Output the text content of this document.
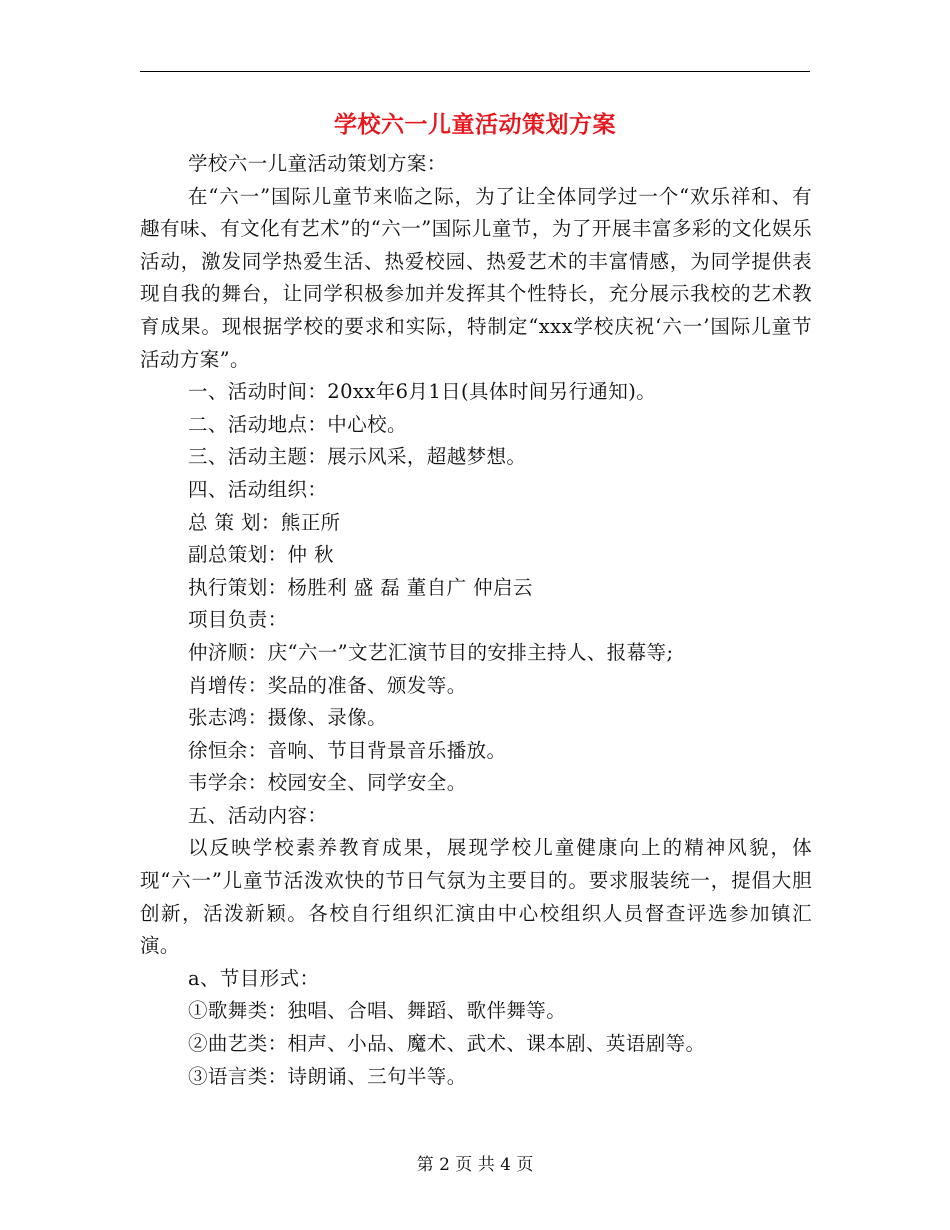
学校六一儿童活动策划方案

学校六一儿童活动策划方案：

在“六一”国际儿童节来临之际，为了让全体同学过一个“欢乐祥和、有趣有味、有文化有艺术”的“六一”国际儿童节，为了开展丰富多彩的文化娱乐活动，激发同学热爱生活、热爱校园、热爱艺术的丰富情感，为同学提供表现自我的舞台，让同学积极参加并发挥其个性特长，充分展示我校的艺术教育成果。现根据学校的要求和实际，特制定“xxx学校庆祝‘六一’国际儿童节活动方案”。

一、活动时间：20xx年6月1日(具体时间另行通知)。

二、活动地点：中心校。

三、活动主题：展示风采，超越梦想。

四、活动组织：

总 策 划：熊正所

副总策划：仲 秋

执行策划：杨胜利 盛 磊 董自广 仲启云

项目负责：

仲济顺：庆“六一”文艺汇演节目的安排主持人、报幕等;

肖增传：奖品的准备、颁发等。

张志鸿：摄像、录像。

徐恒余：音响、节目背景音乐播放。

韦学余：校园安全、同学安全。

五、活动内容：

以反映学校素养教育成果，展现学校儿童健康向上的精神风貌，体现“六一”儿童节活泼欢快的节日气氛为主要目的。要求服装统一，提倡大胆创新，活泼新颖。各校自行组织汇演由中心校组织人员督查评选参加镇汇演。

a、节目形式：

①歌舞类：独唱、合唱、舞蹈、歌伴舞等。

②曲艺类：相声、小品、魔术、武术、课本剧、英语剧等。

③语言类：诗朗诵、三句半等。

第 2 页 共 4 页
